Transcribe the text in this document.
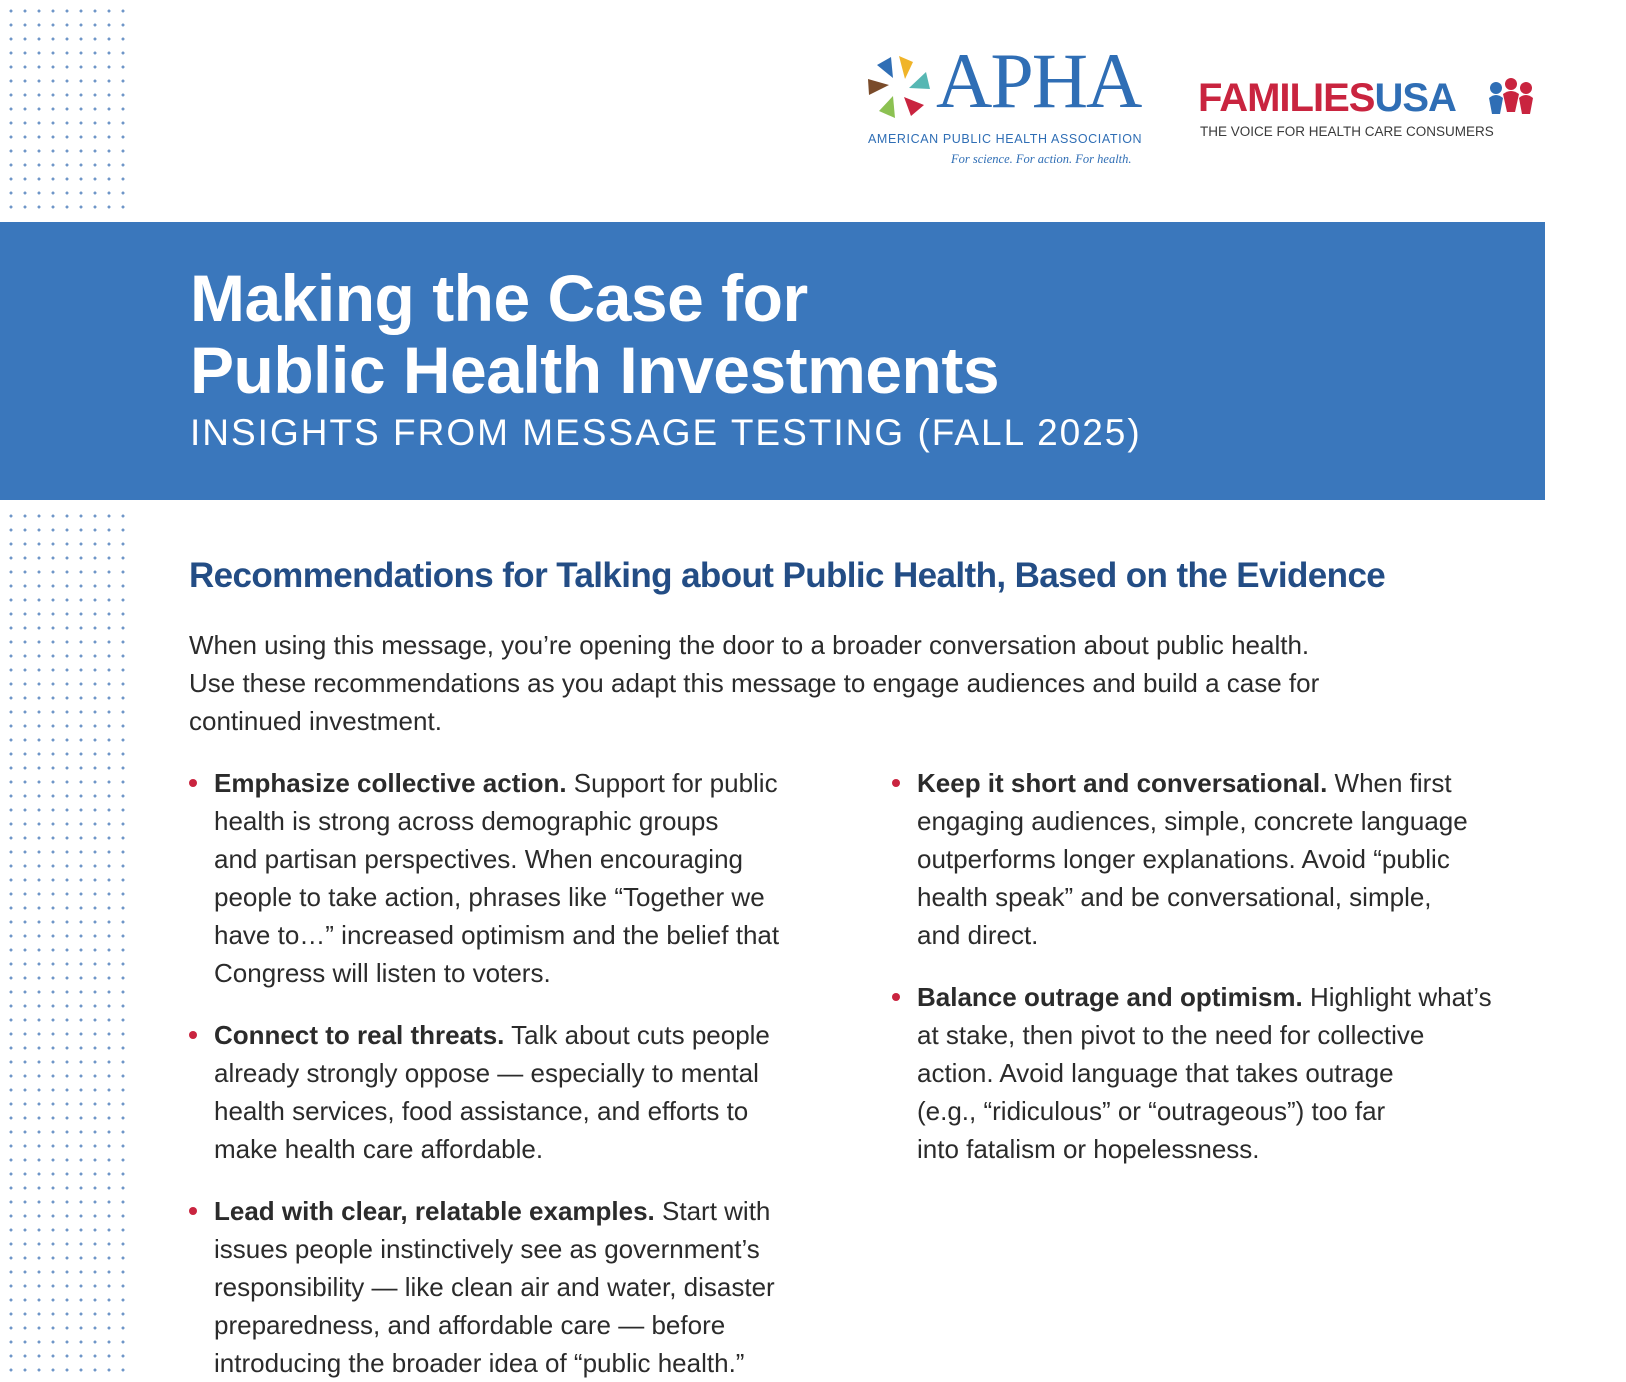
APHA
AMERICAN PUBLIC HEALTH ASSOCIATION
For science. For action. For health.
FAMILIESUSA
THE VOICE FOR HEALTH CARE CONSUMERS
Making the Case for
Public Health Investments
INSIGHTS FROM MESSAGE TESTING (FALL 2025)
Recommendations for Talking about Public Health, Based on the Evidence
When using this message, you’re opening the door to a broader conversation about public health.
Use these recommendations as you adapt this message to engage audiences and build a case for
continued investment.
Emphasize collective action. Support for public
health is strong across demographic groups
and partisan perspectives. When encouraging
people to take action, phrases like “Together we
have to…” increased optimism and the belief that
Congress will listen to voters.
Connect to real threats. Talk about cuts people
already strongly oppose — especially to mental
health services, food assistance, and efforts to
make health care affordable.
Lead with clear, relatable examples. Start with
issues people instinctively see as government’s
responsibility — like clean air and water, disaster
preparedness, and affordable care — before
introducing the broader idea of “public health.”
Keep it short and conversational. When first
engaging audiences, simple, concrete language
outperforms longer explanations. Avoid “public
health speak” and be conversational, simple,
and direct.
Balance outrage and optimism. Highlight what’s
at stake, then pivot to the need for collective
action. Avoid language that takes outrage
(e.g., “ridiculous” or “outrageous”) too far
into fatalism or hopelessness.
